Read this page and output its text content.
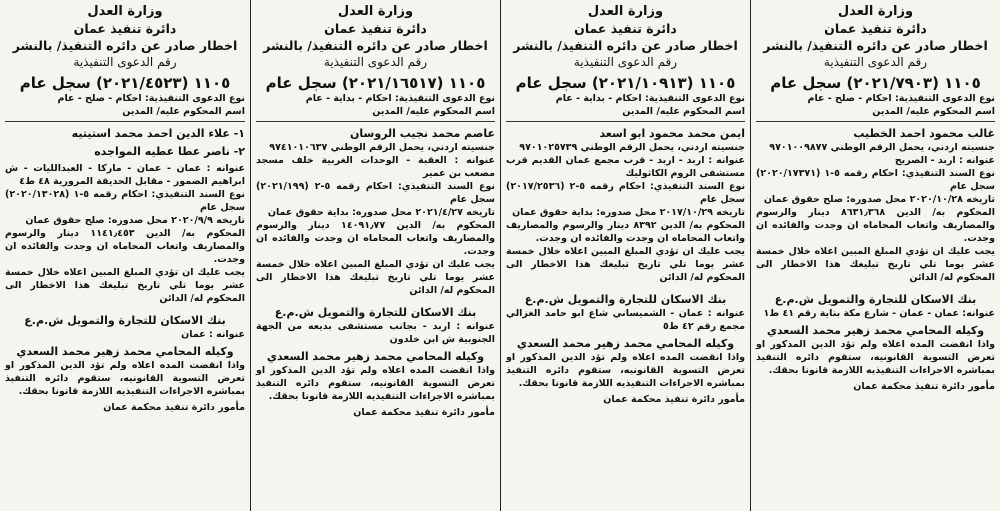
وزارة العدل
دائرة تنفيذ عمان
اخطار صادر عن دائره التنفيذ/ بالنشر
رقم الدعوى التنفيذية
١١٠٥ (٢٠٢١/٧٩٠٣) سجل عام
نوع الدعوى التنفيذية: احكام - صلح - عام
اسم المحكوم عليه/ المدين
غالب محمود احمد الخطيب
جنسيته اردني، يحمل الرقم الوطني ٩٧٠١٠٠٩٨٧٧
عنوانه : اربد - الصريح
نوع السند التنفيذي: احكام رقمه ٥-١ (٢٠٢٠/١٧٣٧١) سجل عام
تاريخه ٢٠٢٠/١٠/٢٨ محل صدوره: صلح حقوق عمان
المحكوم به/ الدين ٨٦٣١٫٣٦٨ دينار والرسوم والمصاريف واتعاب المحاماه ان وجدت والفائده ان وجدت.
يجب عليك ان تؤدي المبلغ المبين اعلاه خلال خمسة عشر يوما تلي تاريخ تبليغك هذا الاخطار الى المحكوم له/ الدائن
بنك الاسكان للتجارة والتمويل ش.م.ع
عنوانه: عمان - عمان - شارع مكة بناية رقم ٤١ ط١
وكيله المحامي محمد زهير محمد السعدي
واذا انقضت المده اعلاه ولم تؤد الدين المذكور او تعرض التسوية القانونيه، ستقوم دائره التنفيذ بمباشره الاجراءات التنفيذيه اللازمة قانونا بحقك.
مأمور دائرة تنفيذ محكمة عمان
وزارة العدل
دائرة تنفيذ عمان
اخطار صادر عن دائره التنفيذ/ بالنشر
رقم الدعوى التنفيذية
١١٠٥ (٢٠٢١/١٠٩١٣) سجل عام
نوع الدعوى التنفيذية: احكام - بداية - عام
اسم المحكوم عليه/ المدين
ايمن محمد محمود ابو اسعد
جنسيته اردني، يحمل الرقم الوطني ٩٧٠١٠٢٥٧٣٩
عنوانه : اربد - اربد - قرب مجمع عمان القديم قرب مستشفى الروم الكاثوليك
نوع السند التنفيذي: احكام رقمه ٥-٢ (٢٠١٧/٢٥٣٦) سجل عام
تاريخه ٢٠١٧/١٠/٢٩ محل صدوره: بداية حقوق عمان
المحكوم به/ الدين ٨٣٩٢ دينار والرسوم والمصاريف واتعاب المحاماه ان وجدت والفائده ان وجدت.
يجب عليك ان تؤدي المبلغ المبين اعلاه خلال خمسة عشر يوما تلي تاريخ تبليغك هذا الاخطار الى المحكوم له/ الدائن
بنك الاسكان للتجارة والتمويل ش.م.ع
عنوانه : عمان - الشميساني شاع ابو حامد الغزالي مجمع رقم ٤٢ ط٥
وكيله المحامي محمد زهير محمد السعدي
واذا انقضت المده اعلاه ولم تؤد الدين المذكور او تعرض التسوية القانونيه، ستقوم دائره التنفيذ بمباشره الاجراءات التنفيذيه اللازمة قانونا بحقك.
مأمور دائرة تنفيذ محكمة عمان
وزارة العدل
دائرة تنفيذ عمان
اخطار صادر عن دائره التنفيذ/ بالنشر
رقم الدعوى التنفيذية
١١٠٥ (٢٠٢١/١٦٥١٧) سجل عام
نوع الدعوى التنفيذية: احكام - بداية - عام
اسم المحكوم عليه/ المدين
عاصم محمد نجيب الروسان
جنسيته اردني، يحمل الرقم الوطني ٩٧٤١٠١٠٦٣٧
عنوانه : العقبة - الوحدات الغربية خلف مسجد مصعب بن عمير
نوع السند التنفيذي: احكام رقمه ٥-٢ (٢٠٢١/١٩٩) سجل عام
تاريخه ٢٠٢١/٤/٢٧ محل صدوره: بداية حقوق عمان
المحكوم به/ الدين ١٤٠٩١٫٧٧ دينار والرسوم والمصاريف واتعاب المحاماه ان وجدت والفائده ان وجدت.
يجب عليك ان تؤدي المبلغ المبين اعلاه خلال خمسة عشر يوما تلي تاريخ تبليغك هذا الاخطار الى المحكوم له/ الدائن
بنك الاسكان للتجارة والتمويل ش.م.ع
عنوانه : اربد - بجانب مستشفى بديعه من الجهة الجنوبية ش ابن خلدون
وكيله المحامي محمد زهير محمد السعدي
واذا انقضت المده اعلاه ولم تؤد الدين المذكور او تعرض التسوية القانونيه، ستقوم دائره التنفيذ بمباشره الاجراءات التنفيذيه اللازمة قانونا بحقك.
مأمور دائرة تنفيذ محكمة عمان
وزارة العدل
دائرة تنفيذ عمان
اخطار صادر عن دائره التنفيذ/ بالنشر
رقم الدعوى التنفيذية
١١٠٥ (٢٠٢١/٤٥٢٣) سجل عام
نوع الدعوى التنفيذية: احكام - صلح - عام
اسم المحكوم عليه/ المدين
١- علاء الدين احمد محمد استيتيه
٢- ناصر عطا عطيه المواجده
عنوانه : عمان - عمان - ماركا - العبدالليات - ش ابراهيم الضمور - مقابل الحديقة المرورية ٤٨ ط٤
نوع السند التنفيذي: احكام رقمه ٥-١ (٢٠٢٠/١٣٠٢٨) سجل عام
تاريخه ٢٠٢٠/٩/٩ محل صدوره: صلح حقوق عمان
المحكوم به/ الدين ١١٤١٫٤٥٣ دينار والرسوم والمصاريف واتعاب المحاماه ان وجدت والفائده ان وجدت.
يجب عليك ان تؤدي المبلغ المبين اعلاه خلال خمسة عشر يوما تلي تاريخ تبليغك هذا الاخطار الى المحكوم له/ الدائن
بنك الاسكان للتجارة والتمويل ش.م.ع
عنوانه : عمان
وكيله المحامي محمد زهير محمد السعدي
واذا انقضت المده اعلاه ولم تؤد الدين المذكور او تعرض التسوية القانونيه، ستقوم دائره التنفيذ بمباشره الاجراءات التنفيذيه اللازمة قانونا بحقك.
مأمور دائرة تنفيذ محكمة عمان
